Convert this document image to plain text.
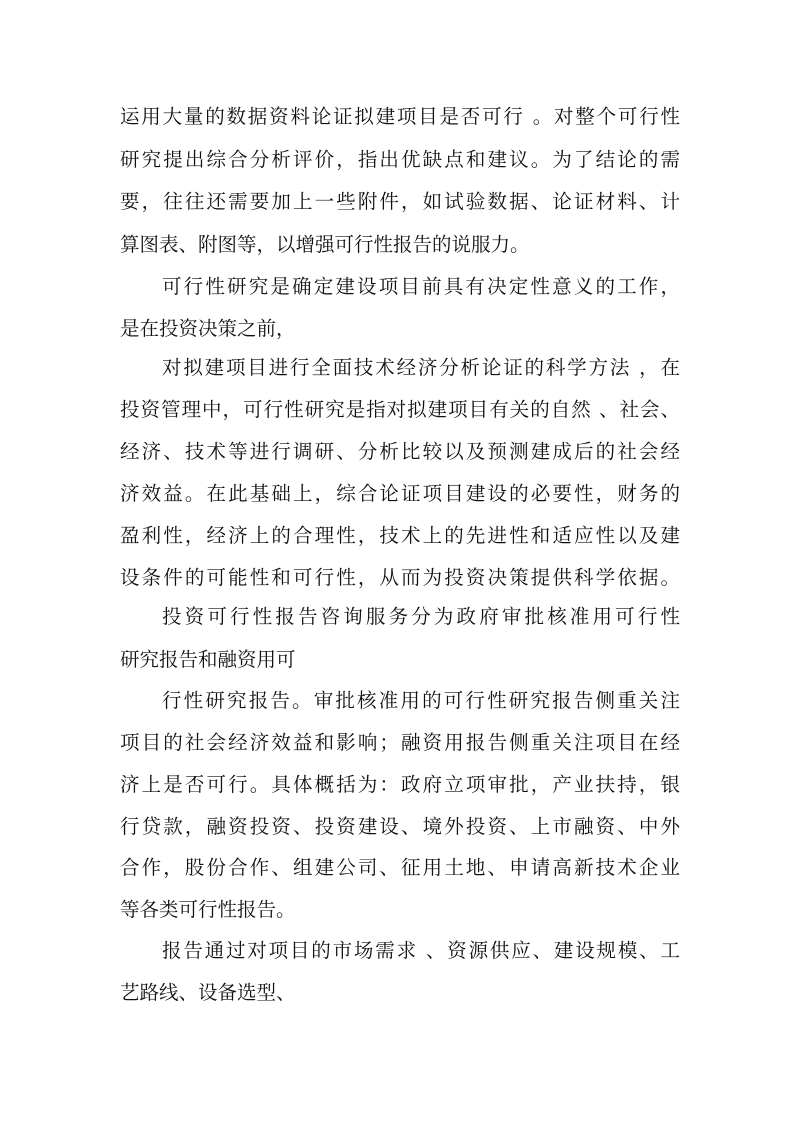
运用大量的数据资料论证拟建项目是否可行 。对整个可行性
研究提出综合分析评价，指出优缺点和建议。为了结论的需
要，往往还需要加上一些附件，如试验数据、论证材料、计
算图表、附图等，以增强可行性报告的说服力。
可行性研究是确定建设项目前具有决定性意义的工作，
是在投资决策之前，
对拟建项目进行全面技术经济分析论证的科学方法 ，在
投资管理中，可行性研究是指对拟建项目有关的自然 、社会、
经济、技术等进行调研、分析比较以及预测建成后的社会经
济效益。在此基础上，综合论证项目建设的必要性，财务的
盈利性，经济上的合理性，技术上的先进性和适应性以及建
设条件的可能性和可行性，从而为投资决策提供科学依据。
投资可行性报告咨询服务分为政府审批核准用可行性
研究报告和融资用可
行性研究报告。审批核准用的可行性研究报告侧重关注
项目的社会经济效益和影响；融资用报告侧重关注项目在经
济上是否可行。具体概括为：政府立项审批，产业扶持，银
行贷款，融资投资、投资建设、境外投资、上市融资、中外
合作，股份合作、组建公司、征用土地、申请高新技术企业
等各类可行性报告。
报告通过对项目的市场需求 、资源供应、建设规模、工
艺路线、设备选型、
